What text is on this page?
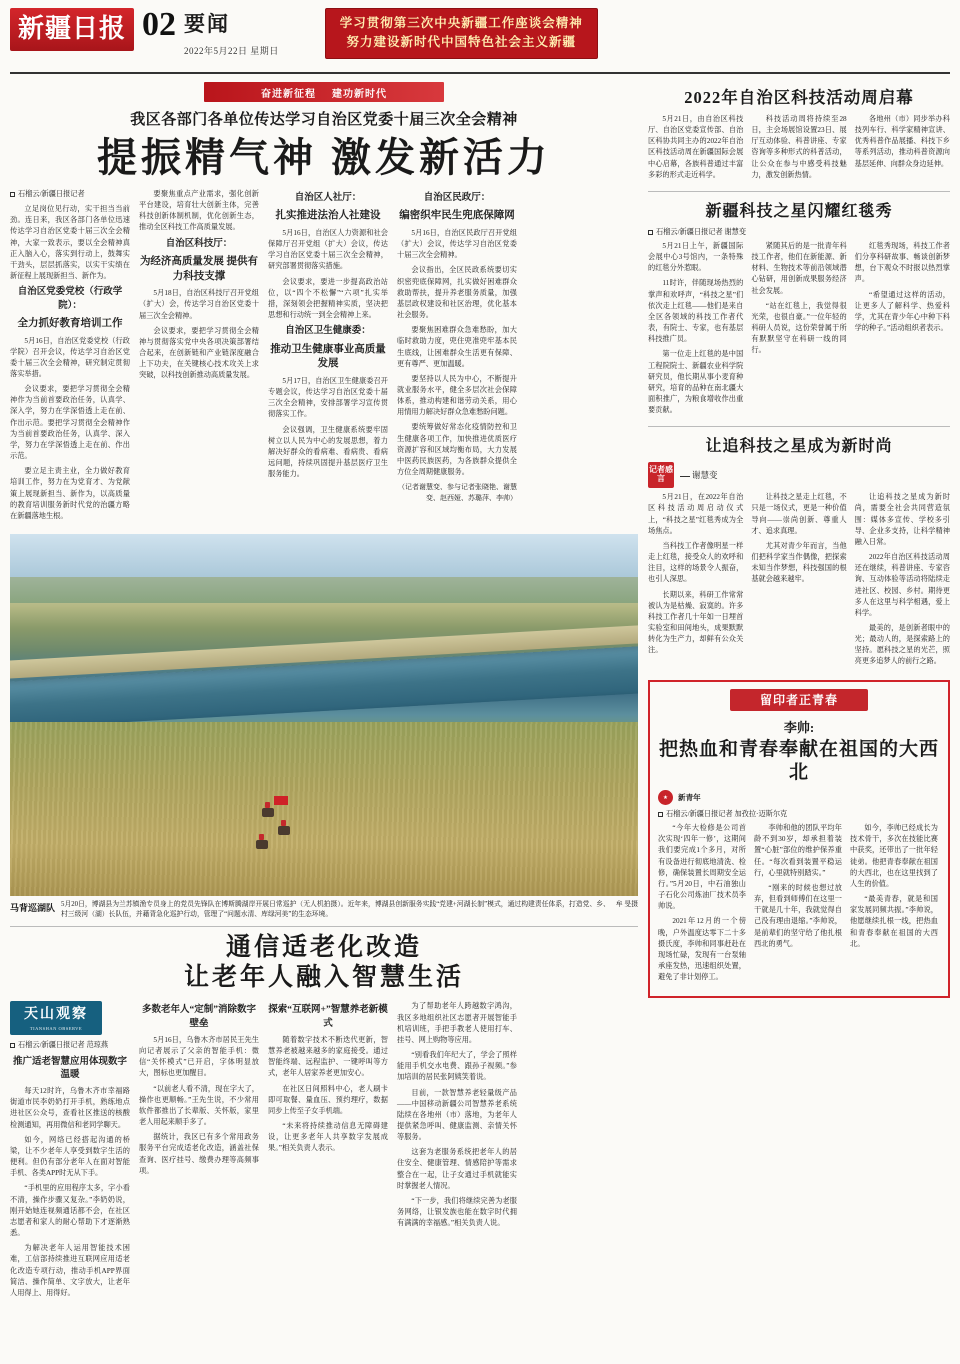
新疆日报 02 要闻
2022年5月22日 星期日
学习贯彻第三次中央新疆工作座谈会精神
努力建设新时代中国特色社会主义新疆
奋进新征程 建功新时代
我区各部门各单位传达学习自治区党委十届三次全会精神
提振精气神 激发新活力
石榴云/新疆日报记者

立足岗位见行动，实干担当当前劲。连日来，我区各部门各单位迅速传达学习自治区党委十届三次全会精神，大家一致表示，要以全会精神真正入脑入心，落实到行动上，鼓舞实干劲头，层层抓落实，以实干实绩在新征程上展现新担当、新作为。

自治区党委党校（行政学院）：
全力抓好教育培训工作

5月16日，自治区党委党校（行政学院）召开会议，传达学习自治区党委十届三次全会精神，研究制定贯彻落实举措。

会议要求，要把学习贯彻全会精神作为当前首要政治任务，认真学、深入学，努力在学深悟透上走在前、作出示范。要把学习贯彻全会精神作为当前首要政治任务，认真学、深入学，努力在学深悟透上走在前、作出示范。

要立足主责主业，全力做好教育培训工作，努力在为党育才、为党献策上展现新担当、新作为，以高质量的教育培训服务新时代党的治疆方略在新疆落地生根。

要聚焦重点产业需求，强化创新平台建设，培育壮大创新主体，完善科技创新体制机制，优化创新生态，推动全区科技工作高质量发展。

自治区科技厅：
为经济高质量发展 提供有力科技支撑

5月18日，自治区科技厅召开党组（扩大）会，传达学习自治区党委十届三次全会精神。

会议要求，要把学习贯彻全会精神与贯彻落实党中央各项决策部署结合起来，在创新链和产业链深度融合上下功夫，在关键核心技术攻关上求突破，以科技创新推动高质量发展。

自治区人社厅：
扎实推进法治人社建设

5月16日，自治区人力资源和社会保障厅召开党组（扩大）会议，传达学习自治区党委十届三次全会精神，研究部署贯彻落实措施。

会议要求，要进一步提高政治站位，以“四个不松懈”“六项”扎实举措，深刻领会把握精神实质，坚决把思想和行动统一到全会精神上来。

自治区卫生健康委：
推动卫生健康事业高质量发展

5月17日，自治区卫生健康委召开专题会议，传达学习自治区党委十届三次全会精神，安排部署学习宣传贯彻落实工作。

会议强调，卫生健康系统要牢固树立以人民为中心的发展思想，着力解决好群众的看病难、看病贵、看病远问题，持续巩固提升基层医疗卫生服务能力。

自治区民政厅：
编密织牢民生兜底保障网

5月16日，自治区民政厅召开党组（扩大）会议，传达学习自治区党委十届三次全会精神。

会议指出，全区民政系统要切实织密兜底保障网，扎实做好困难群众救助帮扶，提升养老服务质量，加强基层政权建设和社区治理，优化基本社会服务。

要聚焦困难群众急难愁盼，加大临时救助力度，兜住兜准兜牢基本民生底线，让困难群众生活更有保障、更有尊严、更加温暖。

要坚持以人民为中心，不断提升就业服务水平，健全多层次社会保障体系，推动构建和谐劳动关系，用心用情用力解决好群众急难愁盼问题。

要统筹做好常态化疫情防控和卫生健康各项工作，加快推进优质医疗资源扩容和区域均衡布局，大力发展中医药民族医药，为各族群众提供全方位全周期健康服务。

（记者谢慧变、参与记者张晓艳、谢慧变、赵西娅、苏璐萍、李帅）
马背巡湖队	牟 旻摄
5月20日，博湖县为兰苏镇渔专员身上的党员先锋队在博斯腾湖岸开展日常巡护（无人机拍摄）。近年来，博湖县创新服务实践“党建+河湖长制”模式，通过构建责任体系，打造党、乡、村三级河（湖）长队伍，并藉背急化巡护行动，管理了“问题水清、库绿河美”的生态环境。
通信适老化改造
让老年人融入智慧生活
天山观察
TIANSHAN OBSERVE
石榴云/新疆日报记者 范琼燕
推广适老智慧应用体现数字温暖

每天12时许，乌鲁木齐市幸福路街道市民李奶奶打开手机，熟练地点进社区公众号，查看社区推送的核酸检测通知，再用微信和老同学聊天。

如今，网络已经搭起沟通的桥梁，让不少老年人享受到数字生活的便利。但仍有部分老年人在面对智能手机、各类APP时无从下手。

“手机里的应用程序太多，字小看不清，操作步骤又复杂。”李奶奶说，刚开始她连视频通话都不会，在社区志愿者和家人的耐心帮助下才逐渐熟悉。

为解决老年人运用智能技术困难，工信部持续推进互联网应用适老化改造专项行动，推动手机APP界面简洁、操作简单、文字放大，让老年人用得上、用得好。

多数老年人“定制”消除数字壁垒

5月16日，乌鲁木齐市居民王先生向记者展示了父亲的智能手机：微信“关怀模式”已开启，字体明显放大，图标也更加醒目。

“以前老人看不清，现在字大了，操作也更顺畅。”王先生说，不少常用软件都推出了长辈版、关怀版，家里老人用起来顺手多了。

据统计，我区已有多个常用政务服务平台完成适老化改造，涵盖社保查询、医疗挂号、缴费办理等高频事项。

探索“互联网+”智慧养老新模式

随着数字技术不断迭代更新，智慧养老被越来越多的家庭接受。通过智能终端、远程监护、一键呼叫等方式，老年人居家养老更加安心。

在社区日间照料中心，老人刷卡即可取餐、量血压、预约理疗，数据同步上传至子女手机端。

“未来将持续推动信息无障碍建设，让更多老年人共享数字发展成果。”相关负责人表示。

为了帮助老年人跨越数字鸿沟，我区多地组织社区志愿者开展智能手机培训班，手把手教老人使用打车、挂号、网上购物等应用。

“别看我们年纪大了，学会了照样能用手机交水电费、跟孙子视频。”参加培训的居民张阿姨笑着说。

目前，一款智慧养老轻量级产品——中国移动新疆公司智慧养老系统陆续在各地州（市）落地，为老年人提供紧急呼叫、健康监测、亲情关怀等服务。

这套为老服务系统把老年人的居住安全、健康管理、情感陪护等需求整合在一起，让子女通过手机就能实时掌握老人情况。

“下一步，我们将继续完善为老服务网络，让银发族也能在数字时代拥有满满的幸福感。”相关负责人说。

2022年自治区科技活动周启幕

5月21日，由自治区科技厅、自治区党委宣传部、自治区科协共同主办的2022年自治区科技活动周在新疆国际会展中心启幕，各族科普通过丰富多彩的形式走近科学。

科技活动周将持续至28日，主会场展馆设置23日、展厅互动体验、科普讲座、专家咨询等多种形式的科普活动，让公众在参与中感受科技魅力，激发创新热情。

各地州（市）同步举办科技列车行、科学家精神宣讲、优秀科普作品展播、科技下乡等系列活动，推动科普资源向基层延伸、向群众身边延伸。

新疆科技之星闪耀红毯秀
石榴云/新疆日报记者 谢慧变

5月21日上午，新疆国际会展中心3号馆内，一条特殊的红毯分外惹眼。

11时许，伴随现场热烈的掌声和欢呼声，“科技之星”们依次走上红毯——他们是来自全区各领域的科技工作者代表，有院士、专家，也有基层科技推广员。

第一位走上红毯的是中国工程院院士、新疆农业科学院研究员，他长期从事小麦育种研究，培育的品种在南北疆大面积推广，为粮食增收作出重要贡献。

紧随其后的是一批青年科技工作者，他们在新能源、新材料、生物技术等前沿领域潜心钻研，用创新成果服务经济社会发展。

“站在红毯上，我觉得很光荣，也很自豪。”一位年轻的科研人员说，这份荣誉属于所有默默坚守在科研一线的同行。

红毯秀现场，科技工作者们分享科研故事、畅谈创新梦想，台下观众不时报以热烈掌声。

“希望通过这样的活动，让更多人了解科学、热爱科学，尤其在青少年心中种下科学的种子。”活动组织者表示。

让追科技之星成为新时尚
记者感言	谢慧变

5月21日，在2022年自治区科技活动周启动仪式上，“科技之星”红毯秀成为全场焦点。

当科技工作者像明星一样走上红毯，接受众人的欢呼和注目，这样的场景令人振奋，也引人深思。

长期以来，科研工作常常被认为是枯燥、寂寞的。许多科技工作者几十年如一日埋首实验室和田间地头，成果默默转化为生产力，却鲜有公众关注。

让科技之星走上红毯，不只是一场仪式，更是一种价值导向——崇尚创新、尊重人才、追求真理。

尤其对青少年而言，当他们把科学家当作偶像，把探索未知当作梦想，科技强国的根基就会越来越牢。

让追科技之星成为新时尚，需要全社会共同营造氛围：媒体多宣传、学校多引导、企业多支持，让科学精神融入日常。

2022年自治区科技活动周还在继续，科普讲座、专家咨询、互动体验等活动将陆续走进社区、校园、乡村。期待更多人在这里与科学相遇，爱上科学。

最美的，是创新者眼中的光；最动人的，是探索路上的坚持。愿科技之星的光芒，照亮更多追梦人的前行之路。

留印者正青春
李帅:
把热血和青春奉献在祖国的大西北
★	新青年
石榴云/新疆日报记者 加孜拉·迈斯尔克

“今年大检修是公司首次实现‘四年一修’，这期间我们要完成1个多月，对所有设备进行彻底地清洗、检修，确保装置长周期安全运行。”5月20日，中石油独山子石化公司炼油厂技术员李帅说。

2021年12月的一个傍晚，户外温度达零下二十多摄氏度，李帅和同事赶赴在现场忙碌，发现有一台泵轴承座发热，迅速组织处置，避免了非计划停工。

李帅和他的团队平均年龄不到30岁，却承担着装置“心脏”部位的维护保养重任。“每次看到装置平稳运行，心里就特别踏实。”

“刚来的时候也想过放弃，但看到师傅们在这里一干就是几十年，我就觉得自己没有理由退缩。”李帅说，是前辈们的坚守给了他扎根西北的勇气。

如今，李帅已经成长为技术骨干，多次在技能比赛中获奖，还带出了一批年轻徒弟。他把青春奉献在祖国的大西北，也在这里找到了人生的价值。

“最美青春，就是和国家发展同频共振。”李帅说，他愿继续扎根一线，把热血和青春奉献在祖国的大西北。
